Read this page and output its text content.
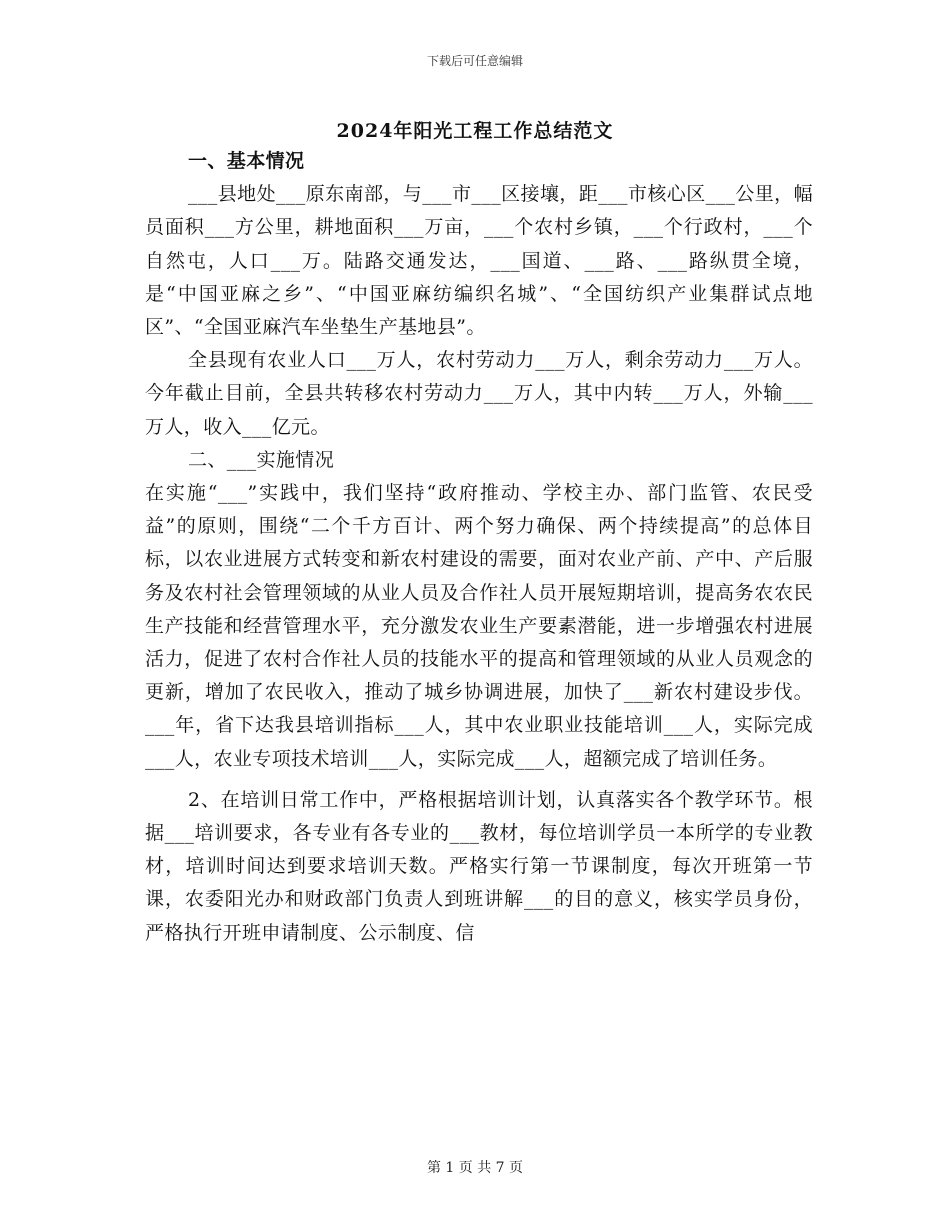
下载后可任意编辑
2024年阳光工程工作总结范文

一、基本情况

___县地处___原东南部，与___市___区接壤，距___市核心区___公里，幅员面积___方公里，耕地面积___万亩，___个农村乡镇，___个行政村，___个自然屯，人口___万。陆路交通发达，___国道、___路、___路纵贯全境，是“中国亚麻之乡”、“中国亚麻纺编织名城”、“全国纺织产业集群试点地区”、“全国亚麻汽车坐垫生产基地县”。

全县现有农业人口___万人，农村劳动力___万人，剩余劳动力___万人。今年截止目前，全县共转移农村劳动力___万人，其中内转___万人，外输___万人，收入___亿元。

二、___实施情况

在实施“___”实践中，我们坚持“政府推动、学校主办、部门监管、农民受益”的原则，围绕“二个千方百计、两个努力确保、两个持续提高”的总体目标，以农业进展方式转变和新农村建设的需要，面对农业产前、产中、产后服务及农村社会管理领域的从业人员及合作社人员开展短期培训，提高务农农民生产技能和经营管理水平，充分激发农业生产要素潜能，进一步增强农村进展活力，促进了农村合作社人员的技能水平的提高和管理领域的从业人员观念的更新，增加了农民收入，推动了城乡协调进展，加快了___新农村建设步伐。___年，省下达我县培训指标___人，其中农业职业技能培训___人，实际完成___人，农业专项技术培训___人，实际完成___人，超额完成了培训任务。

2、在培训日常工作中，严格根据培训计划，认真落实各个教学环节。根据___培训要求，各专业有各专业的___教材，每位培训学员一本所学的专业教材，培训时间达到要求培训天数。严格实行第一节课制度，每次开班第一节课，农委阳光办和财政部门负责人到班讲解___的目的意义，核实学员身份，严格执行开班申请制度、公示制度、信

第 1 页 共 7 页
